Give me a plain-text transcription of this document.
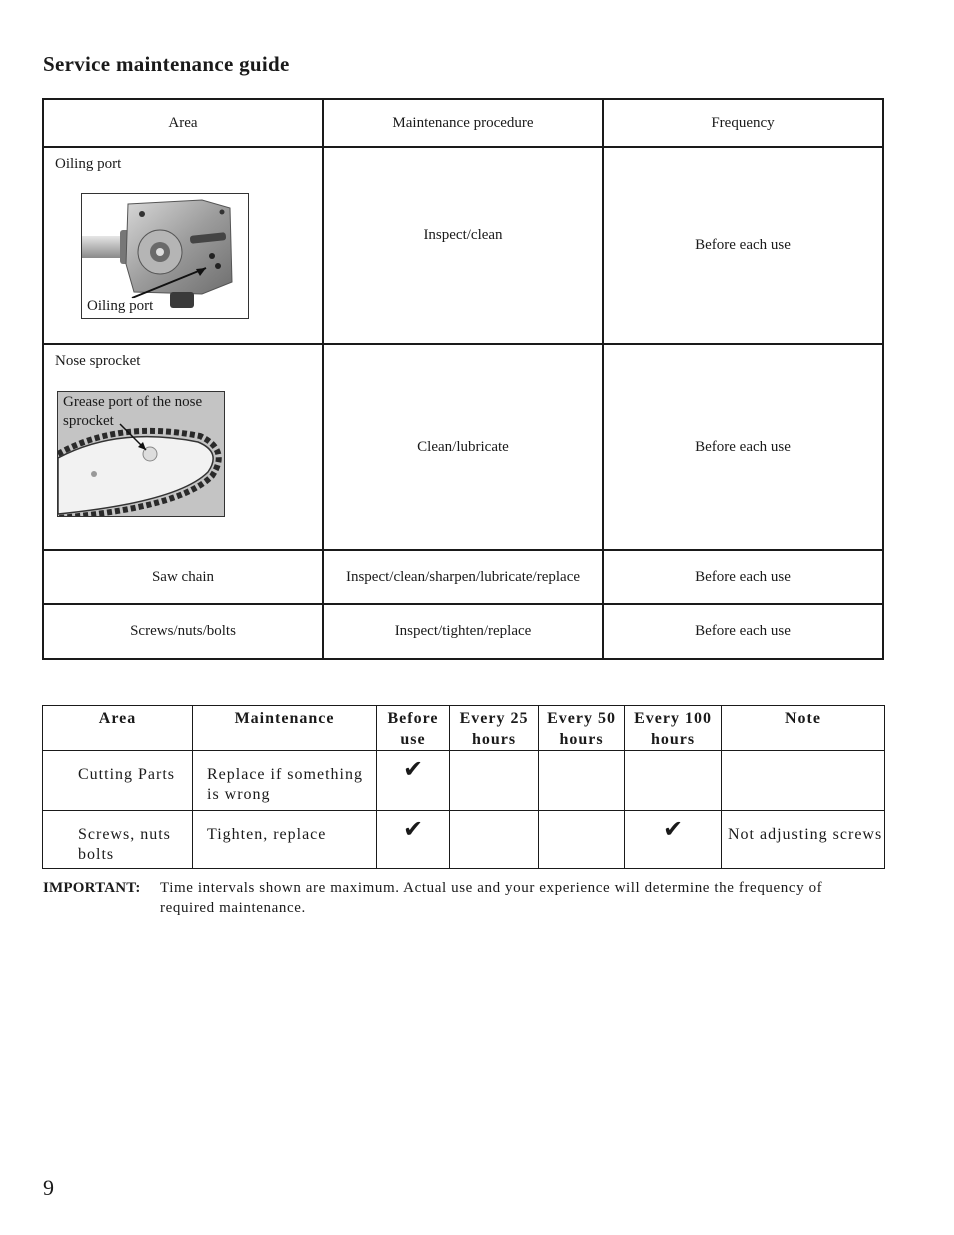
Service maintenance guide
Area	Maintenance procedure	Frequency

Oiling port
Oiling port	Inspect/clean	Before each use

Nose sprocket
Grease port of the nose sprocket	Clean/lubricate	Before each use
Saw chain	Inspect/clean/sharpen/lubricate/replace	Before each use
Screws/nuts/bolts	Inspect/tighten/replace	Before each use
Area	Maintenance	Before use	Every 25 hours	Every 50 hours	Every 100 hours	Note

Cutting Parts	Replace if something is wrong	✔				

Screws, nuts bolts	Tighten, replace	✔			✔	Not adjusting screws
IMPORTANT: Time intervals shown are maximum. Actual use and your experience will determine the frequency of required maintenance.
9
